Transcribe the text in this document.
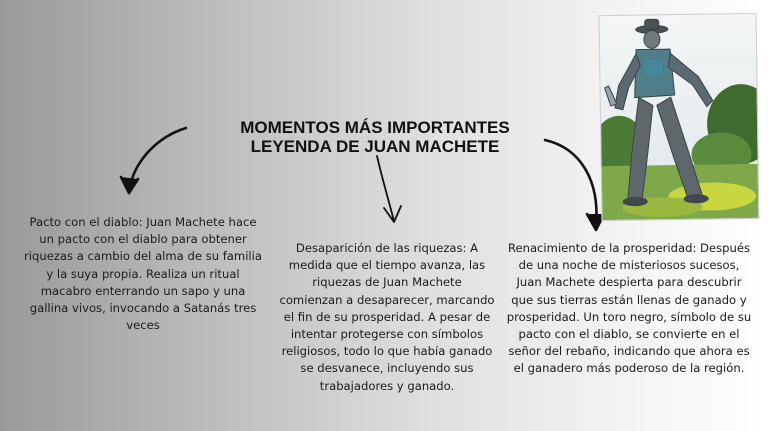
MOMENTOS MÁS IMPORTANTES
LEYENDA DE JUAN MACHETE
Pacto con el diablo: Juan Machete hace un pacto con el diablo para obtener riquezas a cambio del alma de su familia y la suya propia. Realiza un ritual macabro enterrando un sapo y una gallina vivos, invocando a Satanás tres veces
Desaparición de las riquezas: A medida que el tiempo avanza, las riquezas de Juan Machete comienzan a desaparecer, marcando el fin de su prosperidad. A pesar de intentar protegerse con símbolos religiosos, todo lo que había ganado se desvanece, incluyendo sus trabajadores y ganado.
Renacimiento de la prosperidad: Después de una noche de misteriosos sucesos, Juan Machete despierta para descubrir que sus tierras están llenas de ganado y prosperidad. Un toro negro, símbolo de su pacto con el diablo, se convierte en el señor del rebaño, indicando que ahora es el ganadero más poderoso de la región.
